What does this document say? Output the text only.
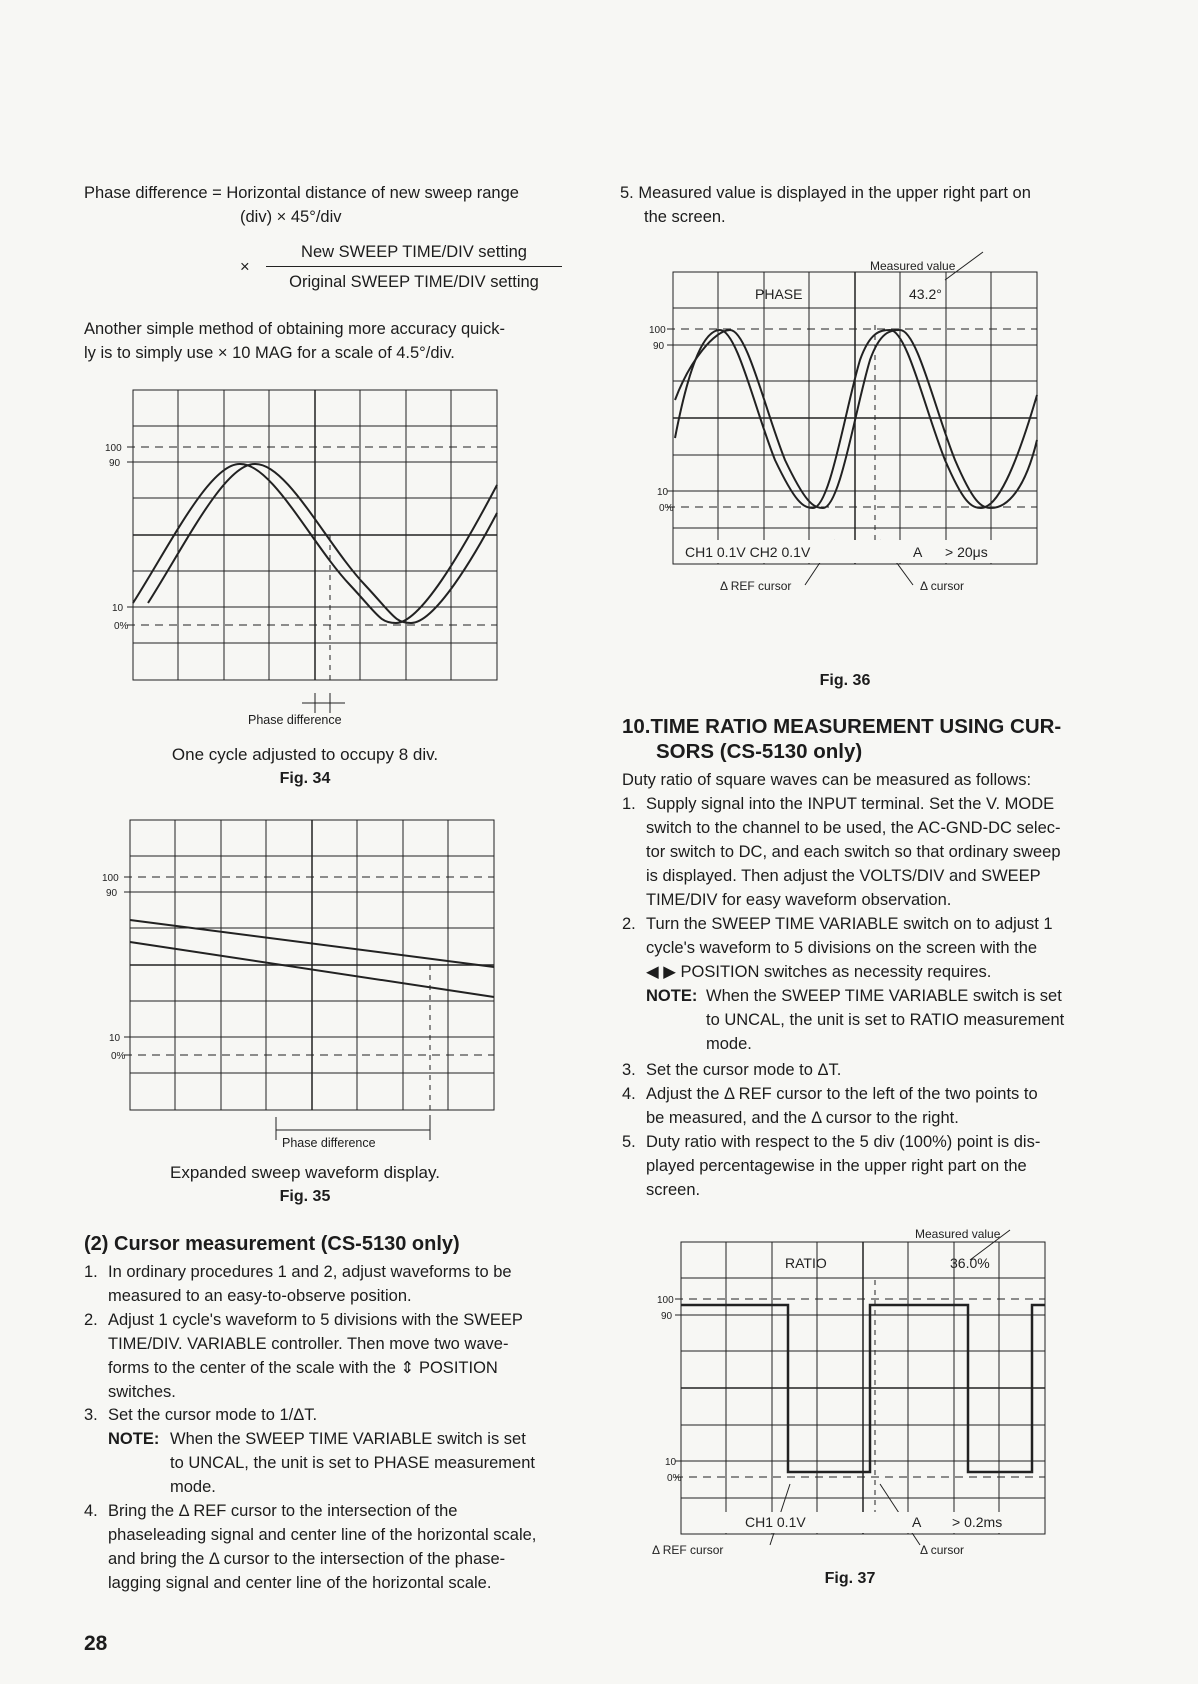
Phase difference = Horizontal distance of new sweep range
(div) × 45°/div
×
New SWEEP TIME/DIV setting
Original SWEEP TIME/DIV setting
Another simple method of obtaining more accuracy quick-
ly is to simply use × 10 MAG for a scale of 4.5°/div.
100
90
10
0%
Phase difference
One cycle adjusted to occupy 8 div.
Fig. 34
100
90
10
0%
Phase difference
Expanded sweep waveform display.
Fig. 35
(2) Cursor measurement (CS-5130 only)
1. In ordinary procedures 1 and 2, adjust waveforms to be
measured to an easy-to-observe position.
2. Adjust 1 cycle's waveform to 5 divisions with the SWEEP
TIME/DIV. VARIABLE controller. Then move two wave-
forms to the center of the scale with the ⇕ POSITION
switches.
3. Set the cursor mode to 1/ΔT.
NOTE: When the SWEEP TIME VARIABLE switch is set
to UNCAL, the unit is set to PHASE measurement
mode.
4. Bring the Δ REF cursor to the intersection of the
phaseleading signal and center line of the horizontal scale,
and bring the Δ cursor to the intersection of the phase-
lagging signal and center line of the horizontal scale.
28
5. Measured value is displayed in the upper right part on
the screen.
PHASE	43.2°
Measured value
CH1 0.1V CH2 0.1V	A > 20μs
Δ REF cursor	Δ cursor
100
90
10
0%
Fig. 36
10.TIME RATIO MEASUREMENT USING CUR-
SORS (CS-5130 only)
Duty ratio of square waves can be measured as follows:
1. Supply signal into the INPUT terminal. Set the V. MODE
switch to the channel to be used, the AC-GND-DC selec-
tor switch to DC, and each switch so that ordinary sweep
is displayed. Then adjust the VOLTS/DIV and SWEEP
TIME/DIV for easy waveform observation.
2. Turn the SWEEP TIME VARIABLE switch on to adjust 1
cycle's waveform to 5 divisions on the screen with the
◀ ▶ POSITION switches as necessity requires.
NOTE: When the SWEEP TIME VARIABLE switch is set
to UNCAL, the unit is set to RATIO measurement
mode.
3. Set the cursor mode to ΔT.
4. Adjust the Δ REF cursor to the left of the two points to
be measured, and the Δ cursor to the right.
5. Duty ratio with respect to the 5 div (100%) point is dis-
played percentagewise in the upper right part on the
screen.
RATIO	36.0%
Measured value
CH1 0.1V	A > 0.2ms
Δ REF cursor	Δ cursor
100
90
10
0%
Fig. 37
